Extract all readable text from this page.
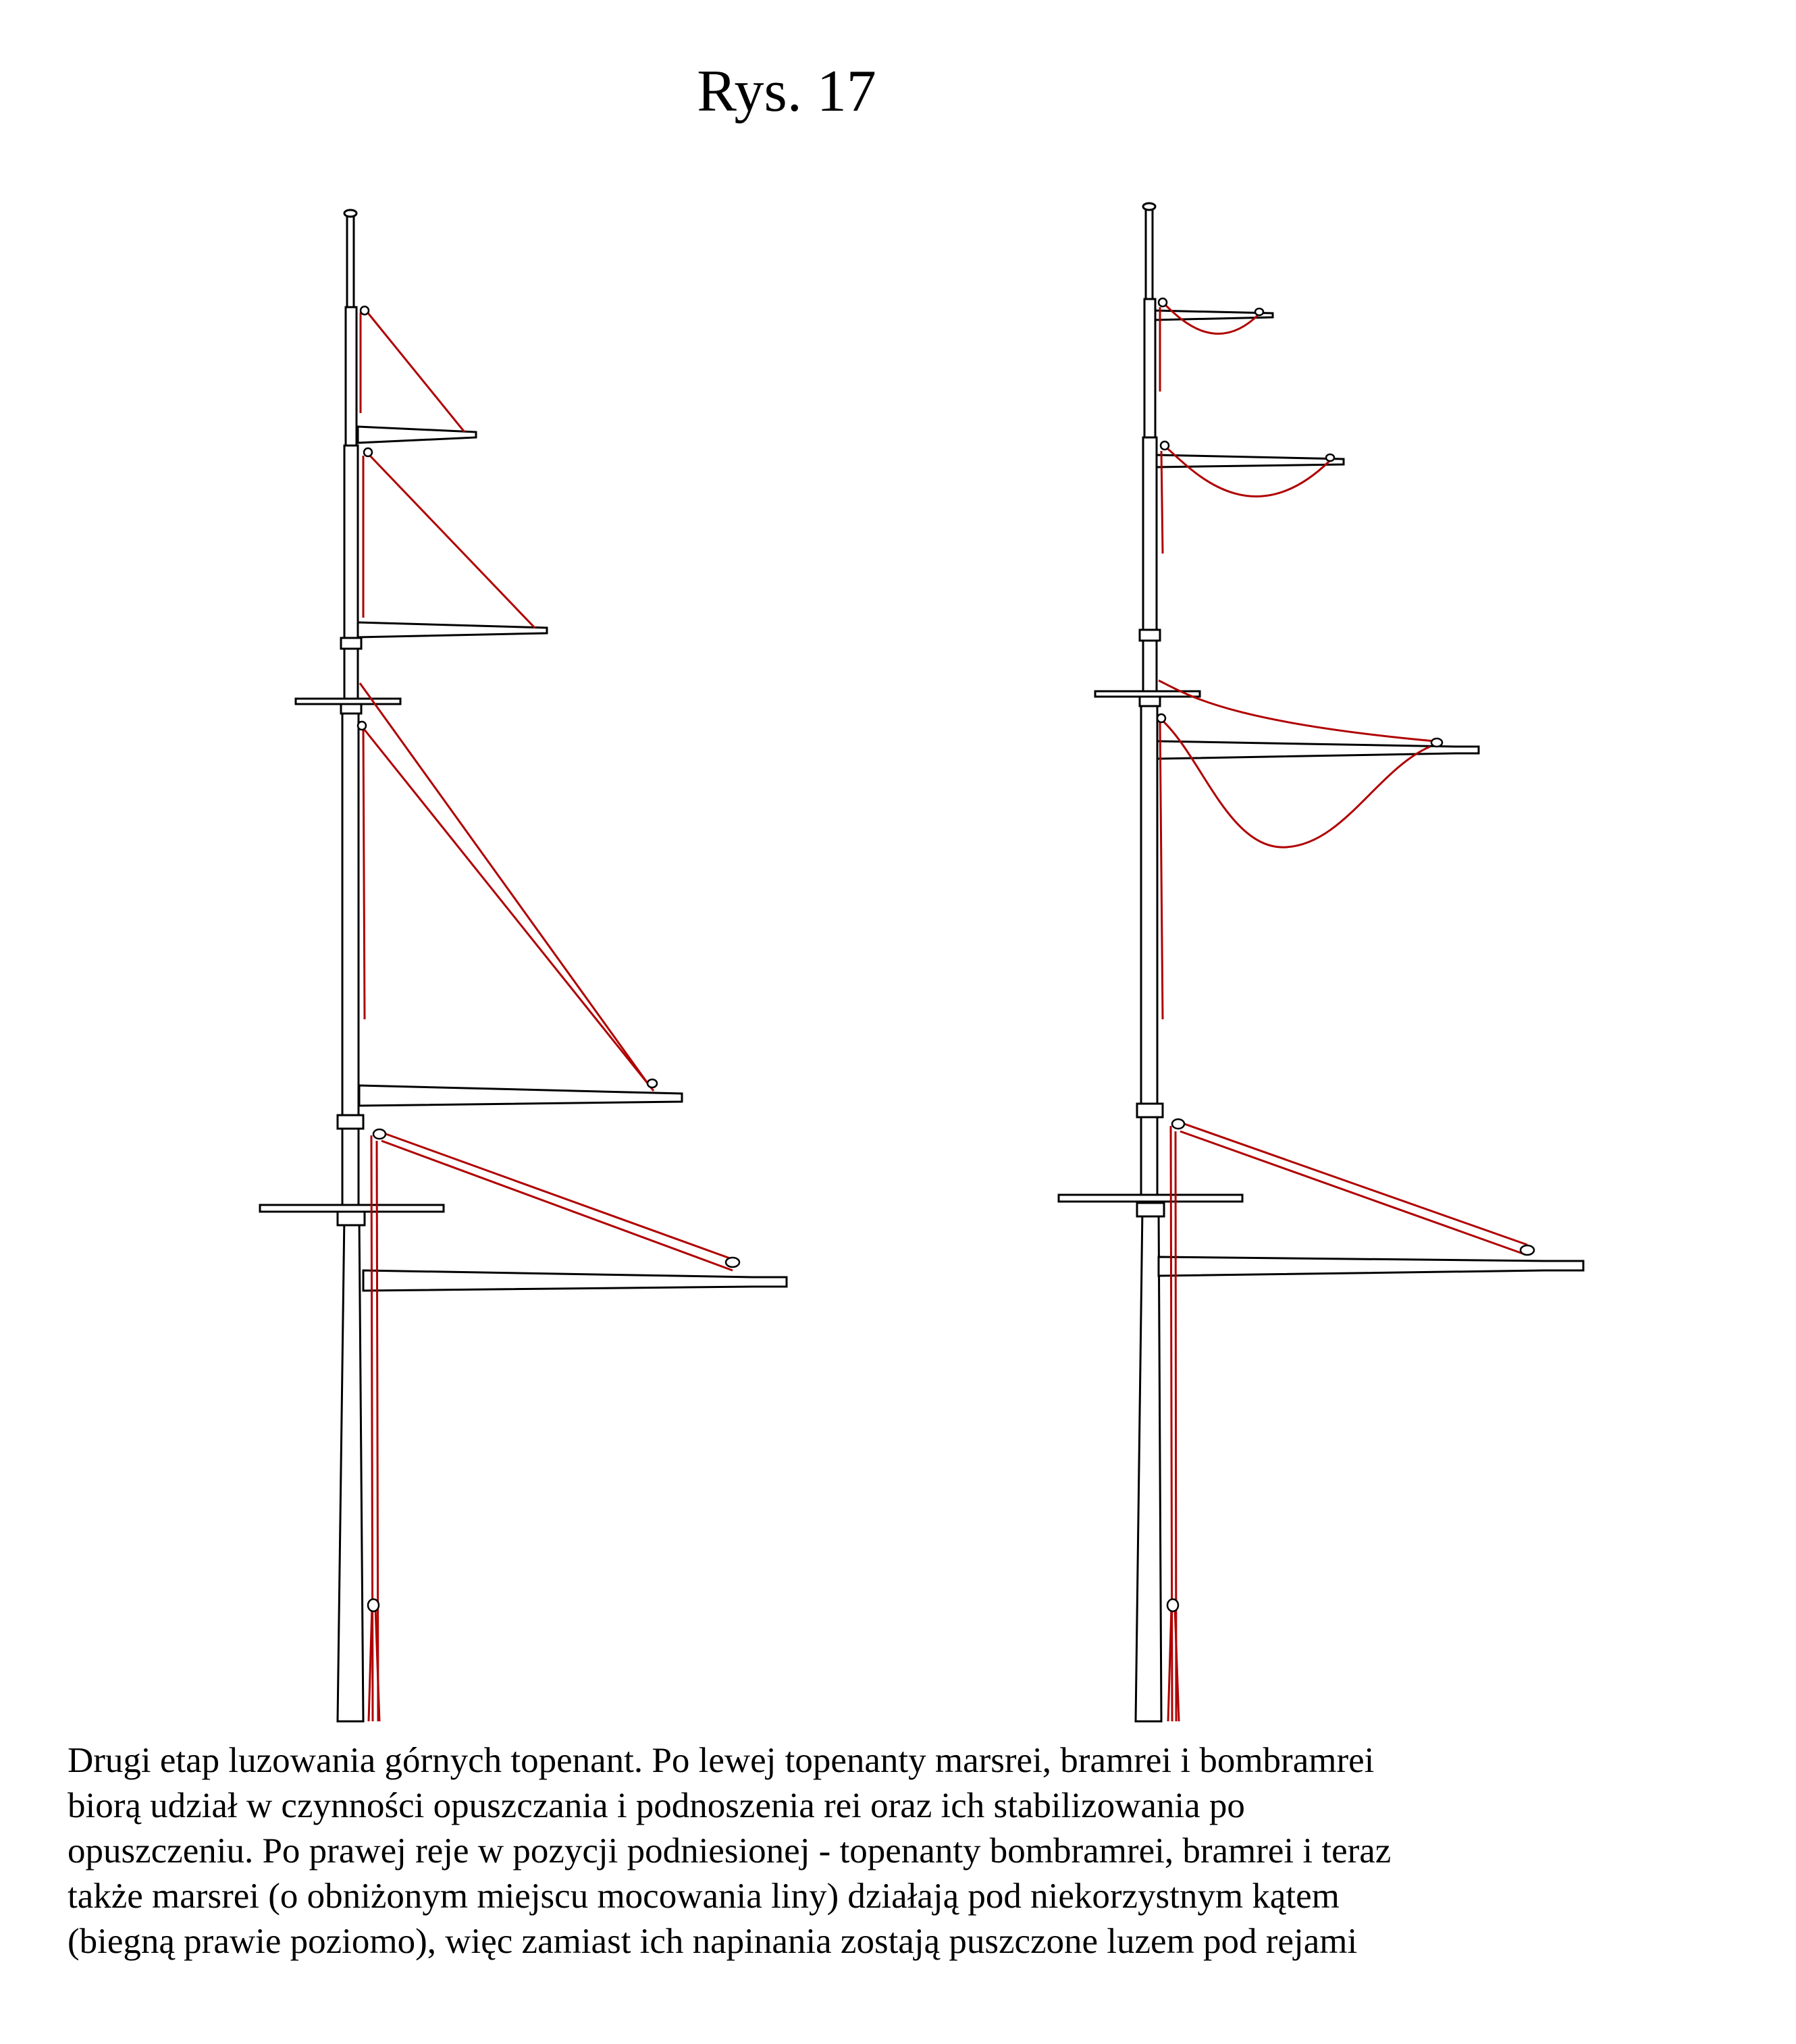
Rys. 17
Drugi etap luzowania górnych topenant. Po lewej topenanty marsrei, bramrei i bombramrei
biorą udział w czynności opuszczania i podnoszenia rei oraz ich stabilizowania po
opuszczeniu. Po prawej reje w pozycji podniesionej - topenanty bombramrei, bramrei i teraz
także marsrei (o obniżonym miejscu mocowania liny) działają pod niekorzystnym kątem
(biegną prawie poziomo), więc zamiast ich napinania zostają puszczone luzem pod rejami
